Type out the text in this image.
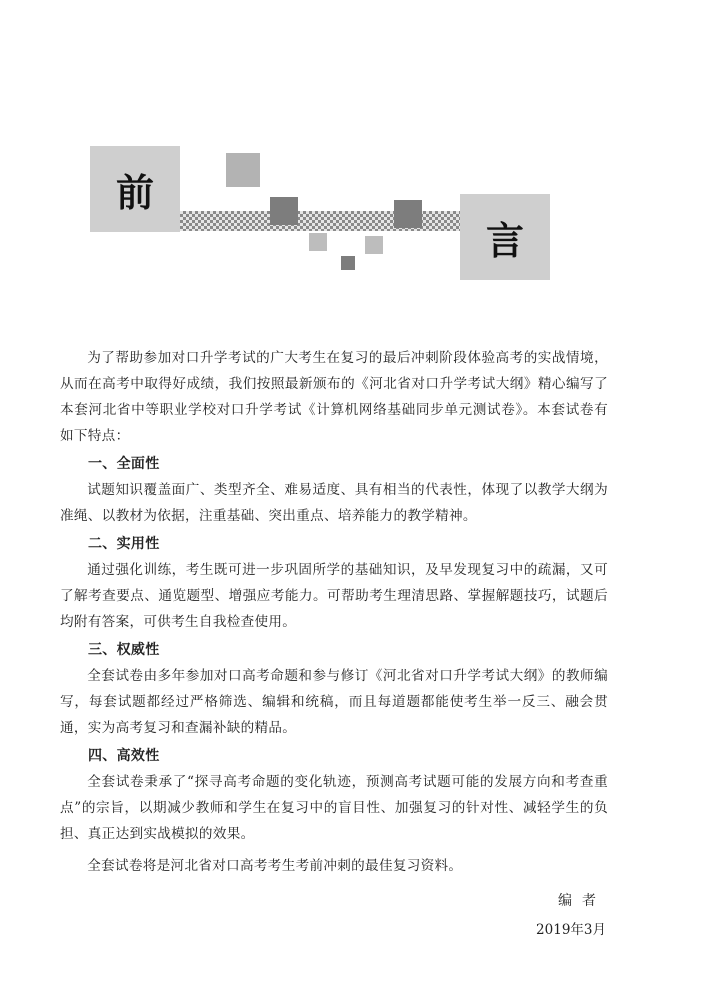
前
言

为了帮助参加对口升学考试的广大考生在复习的最后冲刺阶段体验高考的实战情境，从而在高考中取得好成绩，我们按照最新颁布的《河北省对口升学考试大纲》精心编写了本套河北省中等职业学校对口升学考试《计算机网络基础同步单元测试卷》。本套试卷有如下特点：

一、全面性

试题知识覆盖面广、类型齐全、难易适度、具有相当的代表性，体现了以教学大纲为准绳、以教材为依据，注重基础、突出重点、培养能力的教学精神。

二、实用性

通过强化训练，考生既可进一步巩固所学的基础知识，及早发现复习中的疏漏，又可了解考查要点、通览题型、增强应考能力。可帮助考生理清思路、掌握解题技巧，试题后均附有答案，可供考生自我检查使用。

三、权威性

全套试卷由多年参加对口高考命题和参与修订《河北省对口升学考试大纲》的教师编写，每套试题都经过严格筛选、编辑和统稿，而且每道题都能使考生举一反三、融会贯通，实为高考复习和查漏补缺的精品。

四、高效性

全套试卷秉承了“探寻高考命题的变化轨迹，预测高考试题可能的发展方向和考查重点”的宗旨，以期减少教师和学生在复习中的盲目性、加强复习的针对性、减轻学生的负担、真正达到实战模拟的效果。

全套试卷将是河北省对口高考考生考前冲刺的最佳复习资料。

编者
2019年3月
